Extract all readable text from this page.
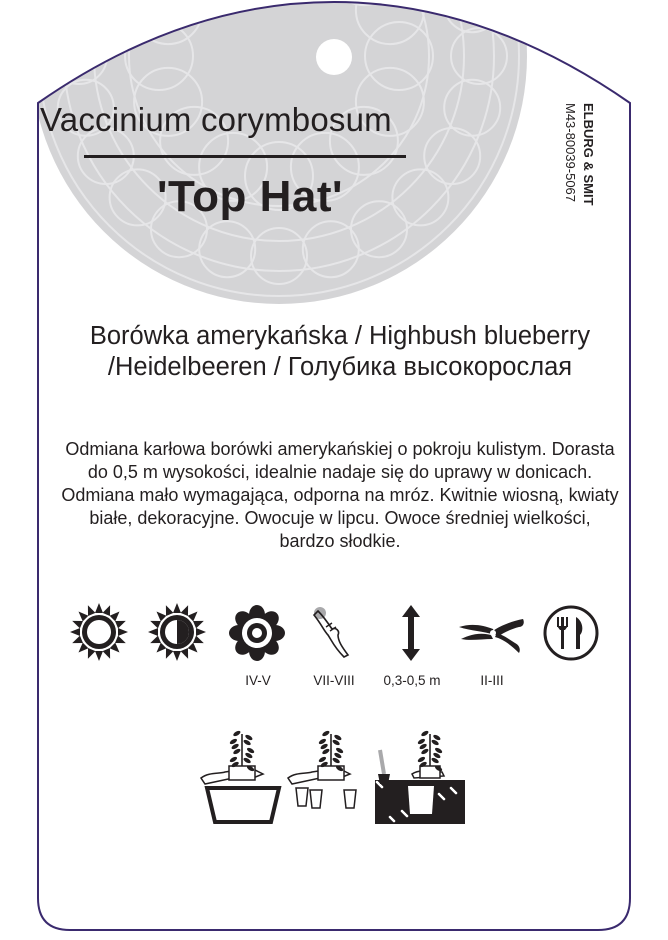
Vaccinium corymbosum
'Top Hat'	ELBURG & SMIT
M43-80039-5067
Borówka amerykańska / Highbush blueberry /Heidelbeeren / Голубика высокорослая
Odmiana karłowa borówki amerykańskiej o pokroju kulistym. Dorasta do 0,5 m wysokości, idealnie nadaje się do uprawy w donicach. Odmiana mało wymagająca, odporna na mróz. Kwitnie wiosną, kwiaty białe, dekoracyjne. Owocuje w lipcu. Owoce średniej wielkości, bardzo słodkie.
IV-V	VII-VIII	0,3-0,5 m	II-III
